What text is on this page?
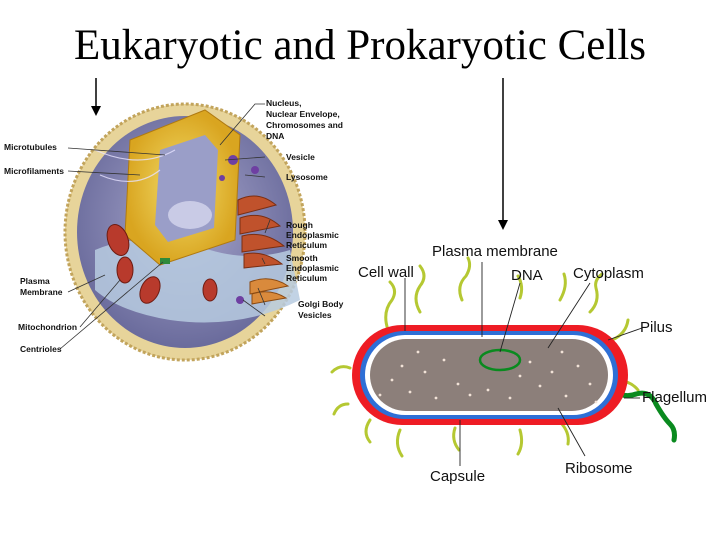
Eukaryotic and Prokaryotic Cells
Nucleus,
Nuclear Envelope,
Chromosomes and
DNA
Microtubules
Microfilaments
Vesicle
Lysosome
Rough
Endoplasmic
Reticulum
Smooth
Endoplasmic
Reticulum
Plasma
Membrane
Golgi Body
Vesicles
Mitochondrion
Centrioles
Plasma membrane
Cell wall	DNA Cytoplasm
Pilus
Flagellum
Capsule	Ribosome
